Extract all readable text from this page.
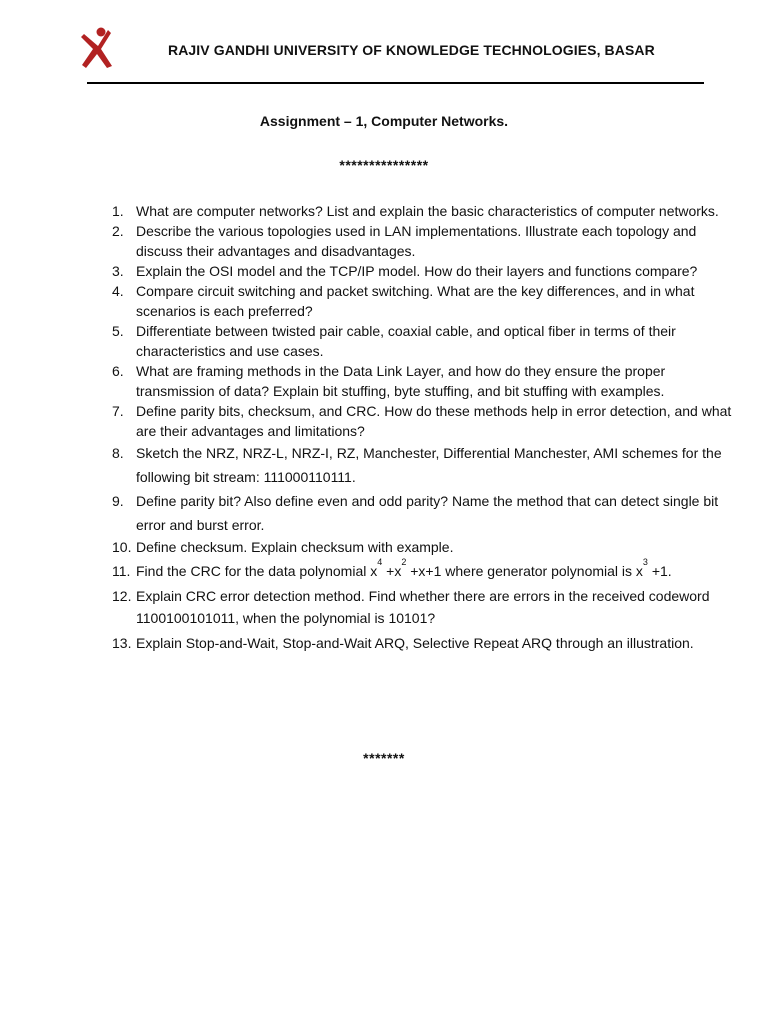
RAJIV GANDHI UNIVERSITY OF KNOWLEDGE TECHNOLOGIES, BASAR
Assignment – 1, Computer Networks.
***************
1. What are computer networks? List and explain the basic characteristics of computer networks.
2. Describe the various topologies used in LAN implementations. Illustrate each topology and discuss their advantages and disadvantages.
3. Explain the OSI model and the TCP/IP model. How do their layers and functions compare?
4. Compare circuit switching and packet switching. What are the key differences, and in what scenarios is each preferred?
5. Differentiate between twisted pair cable, coaxial cable, and optical fiber in terms of their characteristics and use cases.
6. What are framing methods in the Data Link Layer, and how do they ensure the proper transmission of data? Explain bit stuffing, byte stuffing, and bit stuffing with examples.
7. Define parity bits, checksum, and CRC. How do these methods help in error detection, and what are their advantages and limitations?
8. Sketch the NRZ, NRZ-L, NRZ-I, RZ, Manchester, Differential Manchester, AMI schemes for the following bit stream: 111000110111.
9. Define parity bit? Also define even and odd parity? Name the method that can detect single bit error and burst error.
10. Define checksum. Explain checksum with example.
11. Find the CRC for the data polynomial $x^4 +x^2 +x+1$ where generator polynomial is $x^3 +1$.
12. Explain CRC error detection method. Find whether there are errors in the received codeword 1100100101011, when the polynomial is 10101?
13. Explain Stop-and-Wait, Stop-and-Wait ARQ, Selective Repeat ARQ through an illustration.
*******
